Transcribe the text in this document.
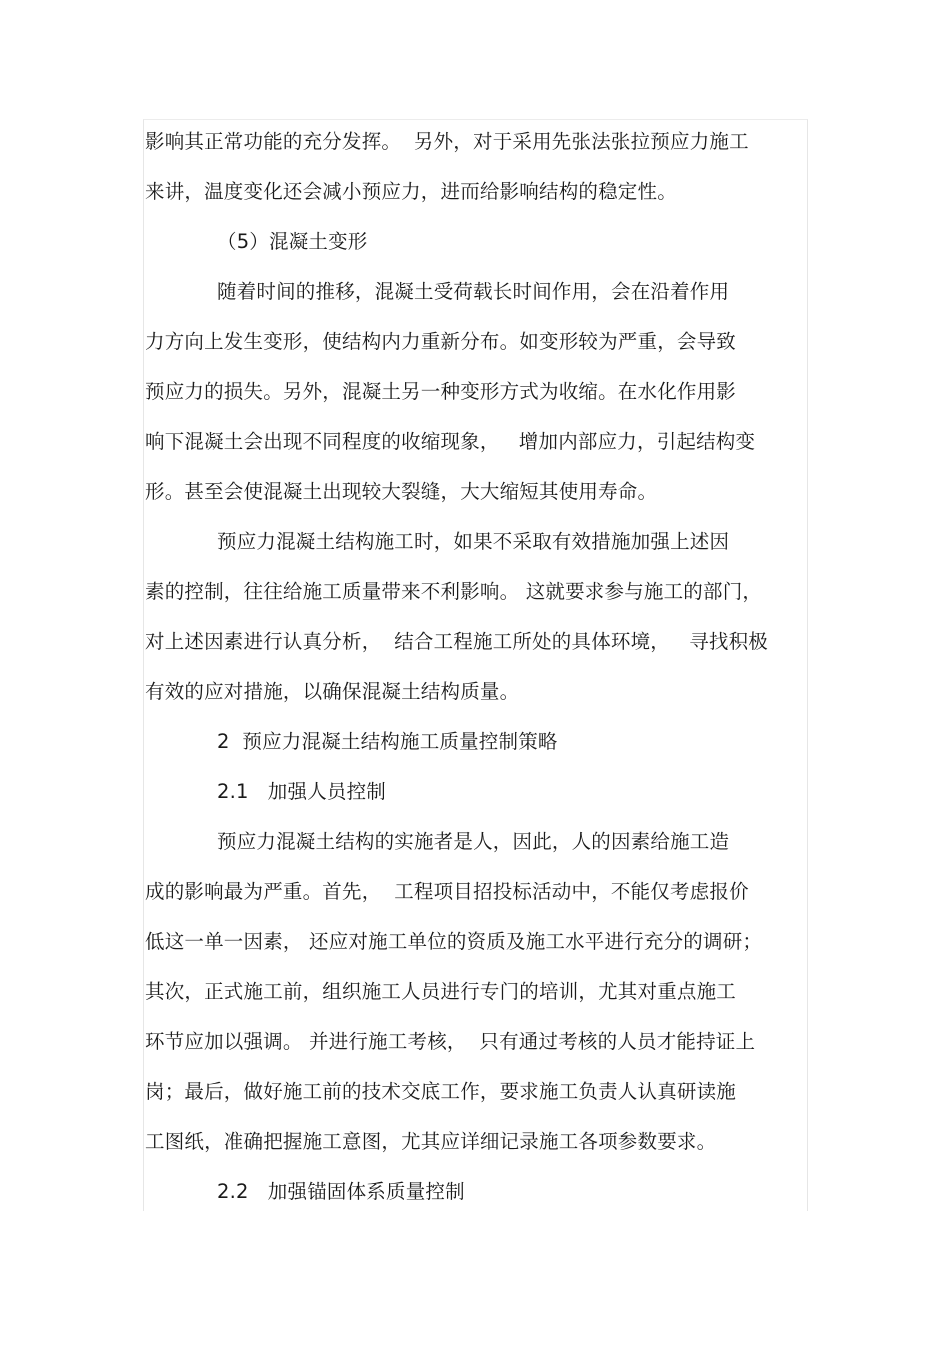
影响其正常功能的充分发挥。  另外，对于采用先张法张拉预应力施工
来讲，温度变化还会减小预应力，进而给影响结构的稳定性。
（5）混凝土变形
随着时间的推移，混凝土受荷载长时间作用，会在沿着作用
力方向上发生变形，使结构内力重新分布。如变形较为严重，会导致
预应力的损失。另外，混凝土另一种变形方式为收缩。在水化作用影
响下混凝土会出现不同程度的收缩现象，   增加内部应力，引起结构变
形。甚至会使混凝土出现较大裂缝，大大缩短其使用寿命。
预应力混凝土结构施工时，如果不采取有效措施加强上述因
素的控制，往往给施工质量带来不利影响。 这就要求参与施工的部门，
对上述因素进行认真分析，  结合工程施工所处的具体环境，   寻找积极
有效的应对措施，以确保混凝土结构质量。
2  预应力混凝土结构施工质量控制策略
2.1   加强人员控制
预应力混凝土结构的实施者是人，因此，人的因素给施工造
成的影响最为严重。首先，  工程项目招投标活动中，不能仅考虑报价
低这一单一因素， 还应对施工单位的资质及施工水平进行充分的调研；
其次，正式施工前，组织施工人员进行专门的培训，尤其对重点施工
环节应加以强调。 并进行施工考核，  只有通过考核的人员才能持证上
岗；最后，做好施工前的技术交底工作，要求施工负责人认真研读施
工图纸，准确把握施工意图，尤其应详细记录施工各项参数要求。
2.2   加强锚固体系质量控制
